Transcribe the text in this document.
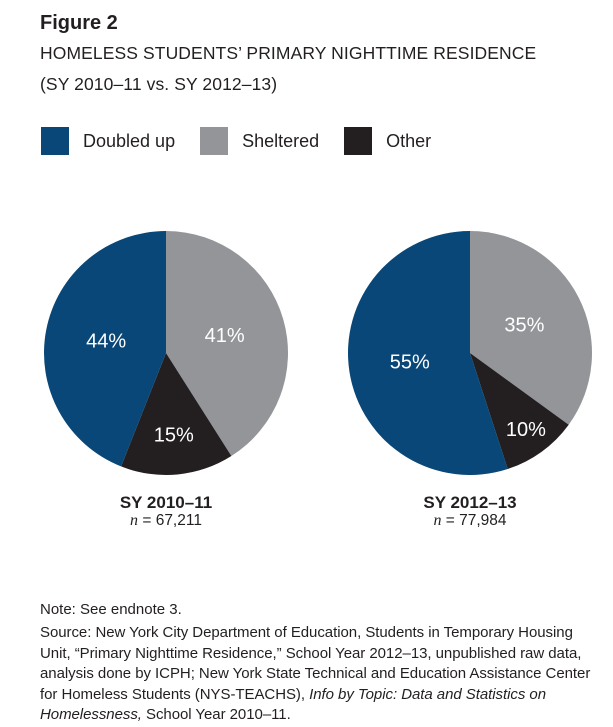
Figure 2
HOMELESS STUDENTS’ PRIMARY NIGHTTIME RESIDENCE
(SY 2010–11 vs. SY 2012–13)
Doubled up	Sheltered	Other
41%
15%
44%
35%
10%
55%
SY 2010–11
n = 67,211
SY 2012–13
n = 77,984
Note: See endnote 3.

Source: New York City Department of Education, Students in Temporary Housing Unit, “Primary Nighttime Residence,” School Year 2012–13, unpublished raw data, analysis done by ICPH; New York State Technical and Education Assistance Center for Homeless Students (NYS-TEACHS), Info by Topic: Data and Statistics on Homelessness, School Year 2010–11.
